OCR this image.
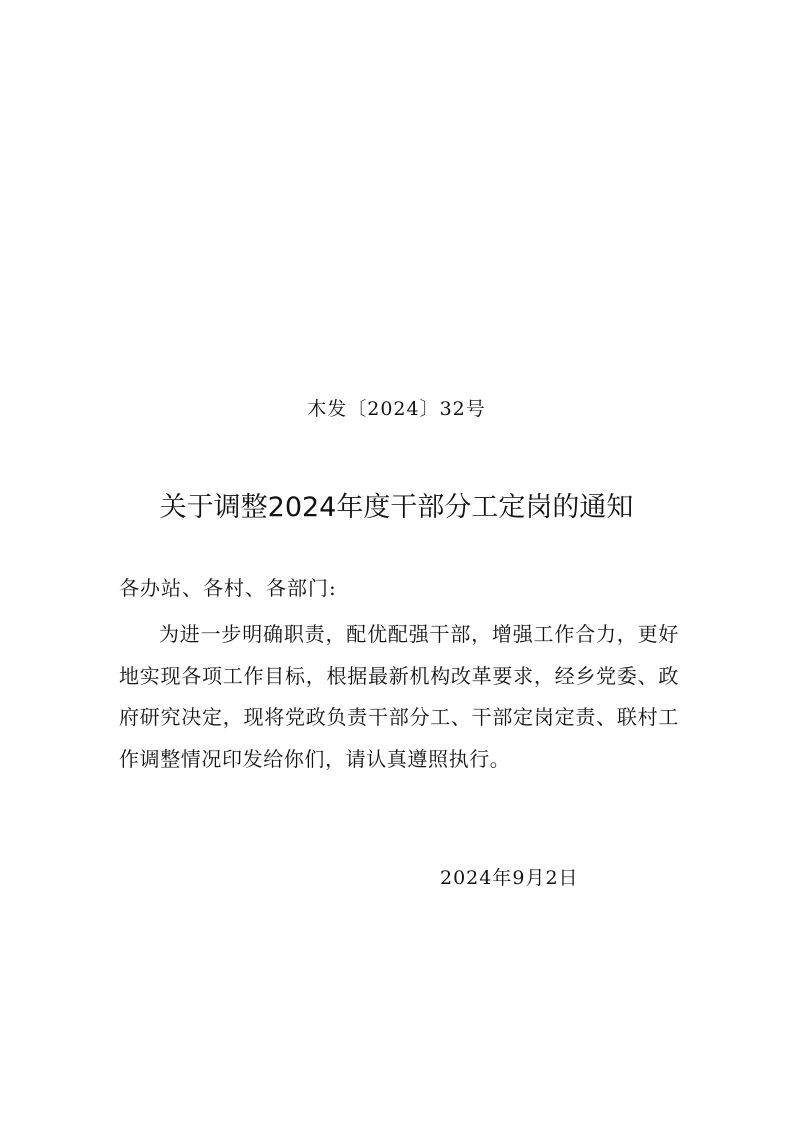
木发〔2024〕32号
关于调整2024年度干部分工定岗的通知
各办站、各村、各部门:

为进一步明确职责，配优配强干部，增强工作合力，更好地实现各项工作目标，根据最新机构改革要求，经乡党委、政府研究决定，现将党政负责干部分工、干部定岗定责、联村工作调整情况印发给你们，请认真遵照执行。

2024年9月2日
